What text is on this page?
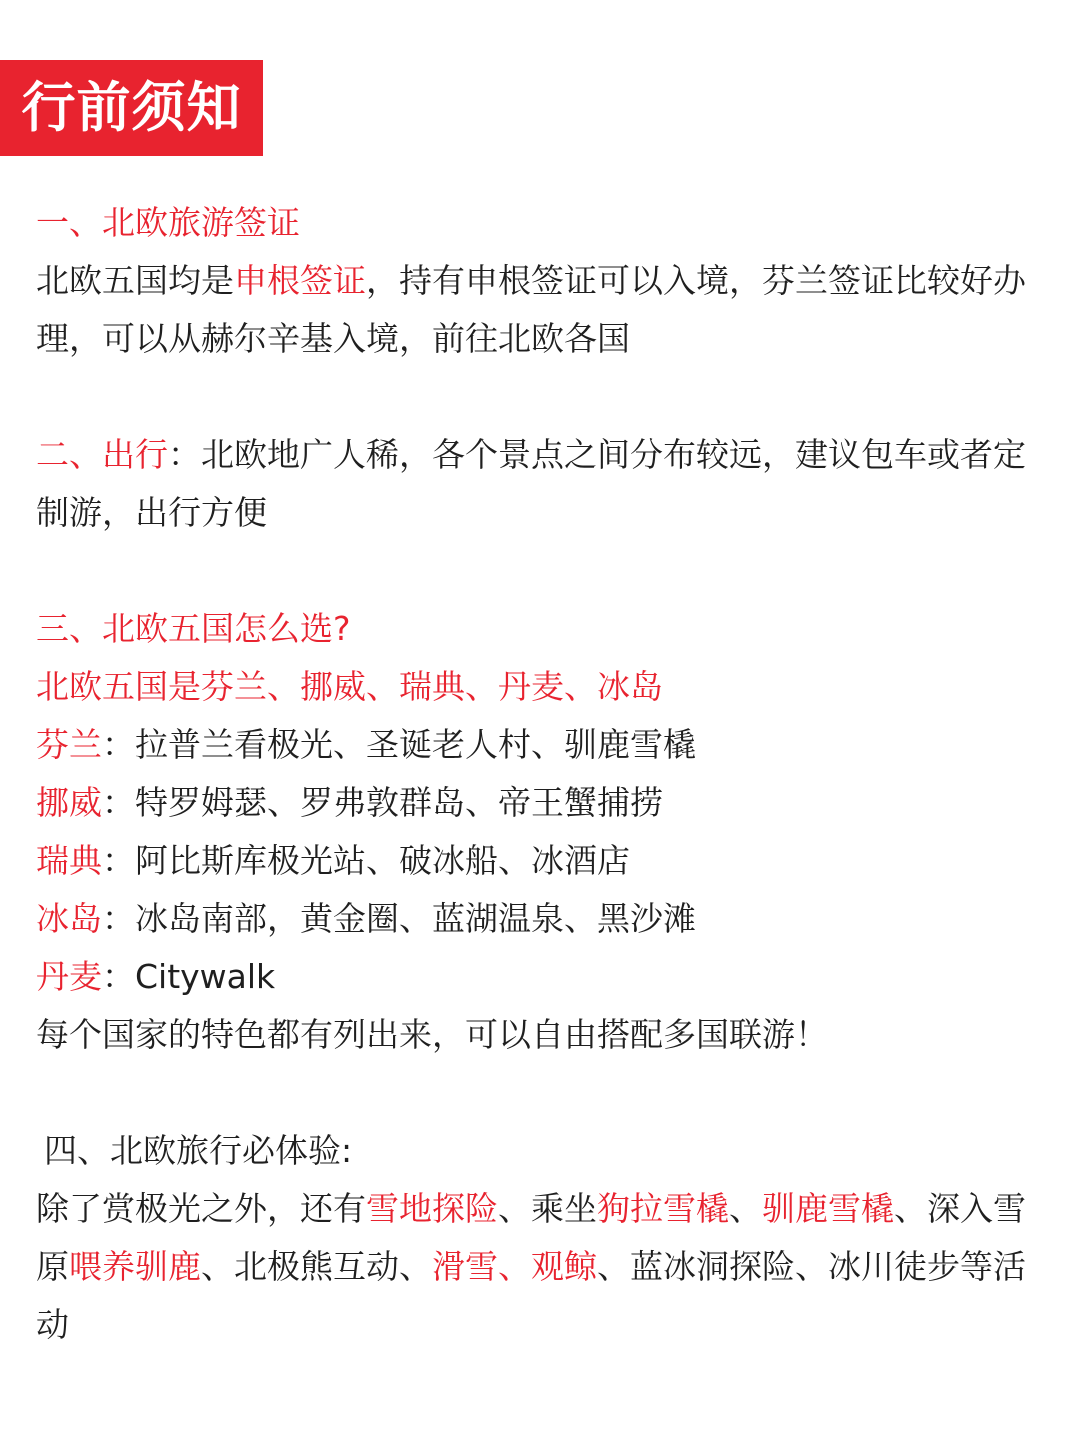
行前须知
一、北欧旅游签证
北欧五国均是申根签证，持有申根签证可以入境，芬兰签证比较好办理，可以从赫尔辛基入境，前往北欧各国
二、出行：北欧地广人稀，各个景点之间分布较远，建议包车或者定制游，出行方便
三、北欧五国怎么选?
北欧五国是芬兰、挪威、瑞典、丹麦、冰岛
芬兰：拉普兰看极光、圣诞老人村、驯鹿雪橇
挪威：特罗姆瑟、罗弗敦群岛、帝王蟹捕捞
瑞典：阿比斯库极光站、破冰船、冰酒店
冰岛：冰岛南部，黄金圈、蓝湖温泉、黑沙滩
丹麦：Citywalk
每个国家的特色都有列出来，可以自由搭配多国联游！
四、北欧旅行必体验:
除了赏极光之外，还有雪地探险、乘坐狗拉雪橇、驯鹿雪橇、深入雪原喂养驯鹿、北极熊互动、滑雪、观鲸、蓝冰洞探险、冰川徒步等活动
